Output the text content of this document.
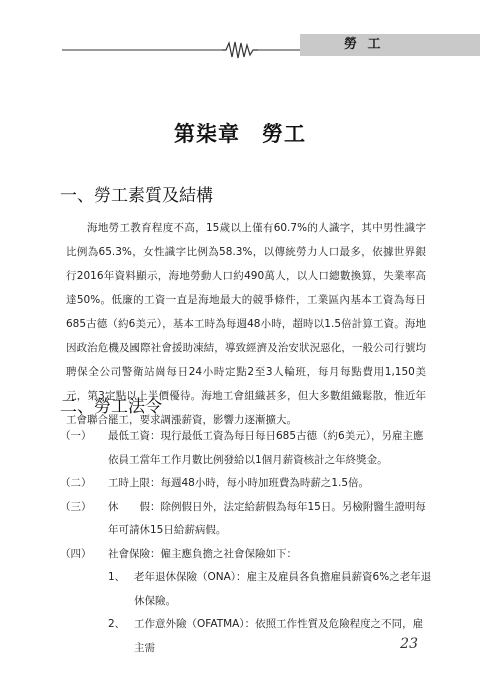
勞 工
第柒章　勞工
一、勞工素質及結構

海地勞工教育程度不高，15歲以上僅有60.7%的人識字，其中男性識字比例為65.3%，女性識字比例為58.3%，以傳統勞力人口最多，依據世界銀行2016年資料顯示，海地勞動人口約490萬人，以人口總數換算，失業率高達50%。低廉的工資一直是海地最大的競爭條件，工業區內基本工資為每日685古德（約6美元），基本工時為每週48小時，超時以1.5倍計算工資。海地因政治危機及國際社會援助凍結，導致經濟及治安狀況惡化，一般公司行號均聘保全公司警衛站崗每日24小時定點2至3人輪班，每月每點費用1,150美元，第3定點以上半價優待。海地工會組織甚多，但大多數組織鬆散，惟近年工會聯合罷工，要求調漲薪資，影響力逐漸擴大。

二、勞工法令
（一）	最低工資：現行最低工資為每日每日685古德（約6美元），另雇主應依員工當年工作月數比例發給以1個月薪資核計之年終獎金。
（二）	工時上限：每週48小時，每小時加班費為時薪之1.5倍。
（三）	休　　假：除例假日外，法定給薪假為每年15日。另檢附醫生證明每年可請休15日給薪病假。
（四）	社會保險：僱主應負擔之社會保險如下：
1、 老年退休保險（ONA）：雇主及雇員各負擔雇員薪資6%之老年退休保險。
2、 工作意外險（OFATMA）：依照工作性質及危險程度之不同，雇主需	23
